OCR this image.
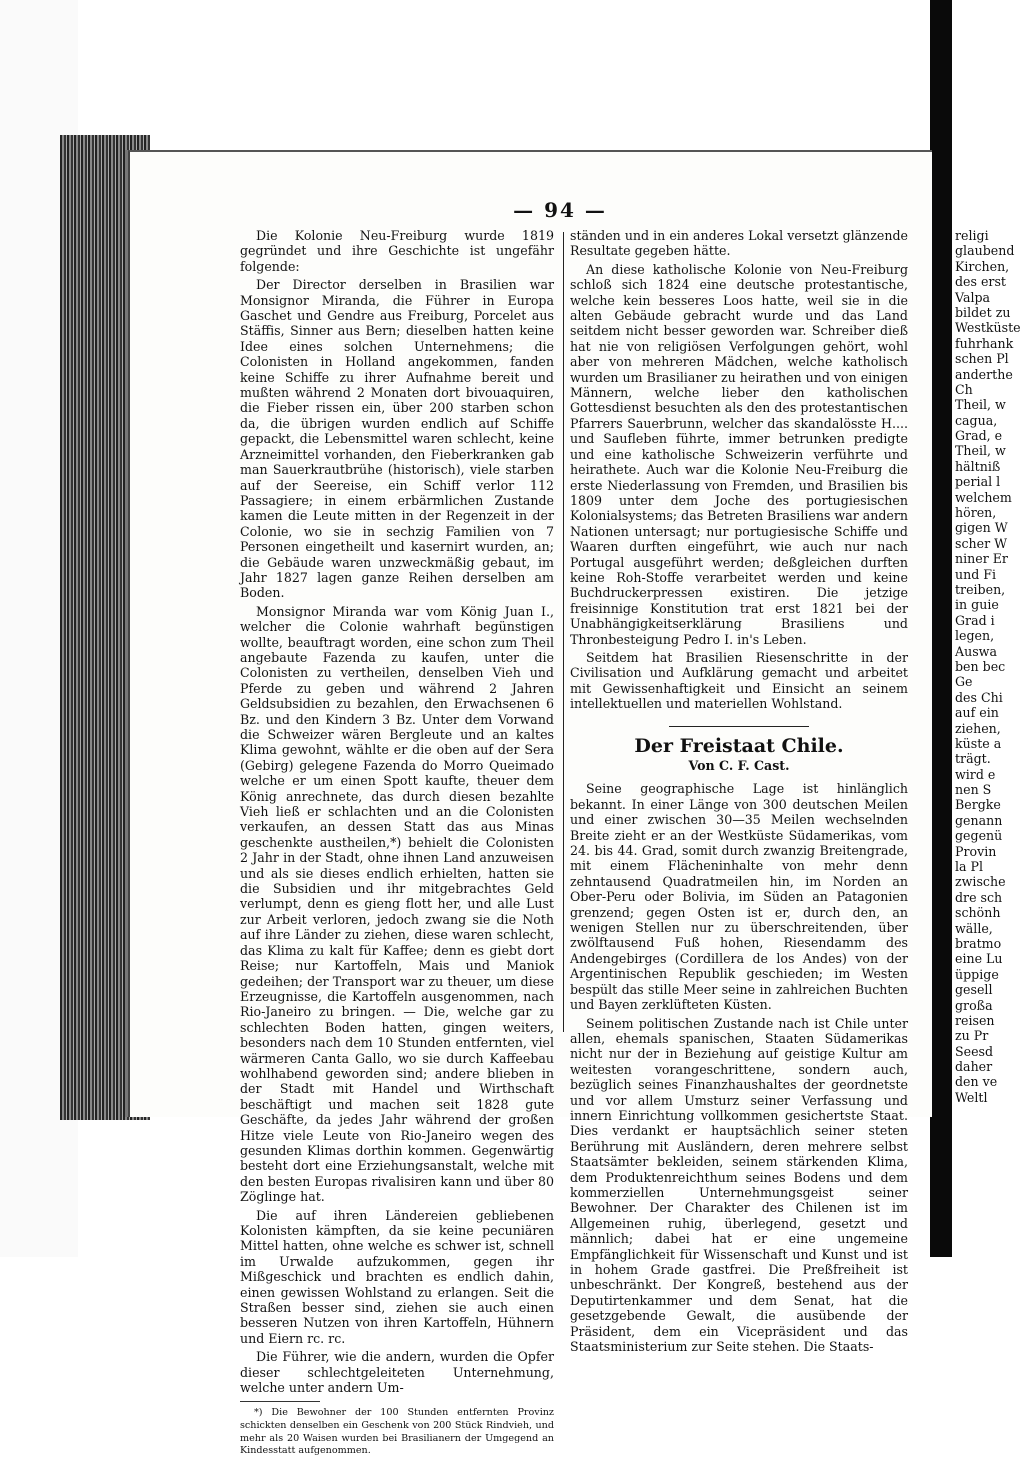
— 94 —

Die Kolonie Neu-Freiburg wurde 1819 gegründet und ihre Geschichte ist ungefähr folgende:

Der Director derselben in Brasilien war Monsignor Miranda, die Führer in Europa Gaschet und Gendre aus Freiburg, Porcelet aus Stäffis, Sinner aus Bern; dieselben hatten keine Idee eines solchen Unternehmens; die Colonisten in Holland angekommen, fanden keine Schiffe zu ihrer Aufnahme bereit und mußten während 2 Monaten dort bivouaquiren, die Fieber rissen ein, über 200 starben schon da, die übrigen wurden endlich auf Schiffe gepackt, die Lebensmittel waren schlecht, keine Arzneimittel vorhanden, den Fieberkranken gab man Sauerkrautbrühe (historisch), viele starben auf der Seereise, ein Schiff verlor 112 Passagiere; in einem erbärmlichen Zustande kamen die Leute mitten in der Regenzeit in der Colonie, wo sie in sechzig Familien von 7 Personen eingetheilt und kasernirt wurden, an; die Gebäude waren unzweckmäßig gebaut, im Jahr 1827 lagen ganze Reihen derselben am Boden.

Monsignor Miranda war vom König Juan I., welcher die Colonie wahrhaft begünstigen wollte, beauftragt worden, eine schon zum Theil angebaute Fazenda zu kaufen, unter die Colonisten zu vertheilen, denselben Vieh und Pferde zu geben und während 2 Jahren Geldsubsidien zu bezahlen, den Erwachsenen 6 Bz. und den Kindern 3 Bz. Unter dem Vorwand die Schweizer wären Bergleute und an kaltes Klima gewohnt, wählte er die oben auf der Sera (Gebirg) gelegene Fazenda do Morro Queimado welche er um einen Spott kaufte, theuer dem König anrechnete, das durch diesen bezahlte Vieh ließ er schlachten und an die Colonisten verkaufen, an dessen Statt das aus Minas geschenkte austheilen,*) behielt die Colonisten 2 Jahr in der Stadt, ohne ihnen Land anzuweisen und als sie dieses endlich erhielten, hatten sie die Subsidien und ihr mitgebrachtes Geld verlumpt, denn es gieng flott her, und alle Lust zur Arbeit verloren, jedoch zwang sie die Noth auf ihre Länder zu ziehen, diese waren schlecht, das Klima zu kalt für Kaffee; denn es giebt dort Reise; nur Kartoffeln, Mais und Maniok gedeihen; der Transport war zu theuer, um diese Erzeugnisse, die Kartoffeln ausgenommen, nach Rio-Janeiro zu bringen. — Die, welche gar zu schlechten Boden hatten, gingen weiters, besonders nach dem 10 Stunden entfernten, viel wärmeren Canta Gallo, wo sie durch Kaffeebau wohlhabend geworden sind; andere blieben in der Stadt mit Handel und Wirthschaft beschäftigt und machen seit 1828 gute Geschäfte, da jedes Jahr während der großen Hitze viele Leute von Rio-Janeiro wegen des gesunden Klimas dorthin kommen. Gegenwärtig besteht dort eine Erziehungsanstalt, welche mit den besten Europas rivalisiren kann und über 80 Zöglinge hat.

Die auf ihren Ländereien gebliebenen Kolonisten kämpften, da sie keine pecuniären Mittel hatten, ohne welche es schwer ist, schnell im Urwalde aufzukommen, gegen ihr Mißgeschick und brachten es endlich dahin, einen gewissen Wohlstand zu erlangen. Seit die Straßen besser sind, ziehen sie auch einen besseren Nutzen von ihren Kartoffeln, Hühnern und Eiern rc. rc.

Die Führer, wie die andern, wurden die Opfer dieser schlechtgeleiteten Unternehmung, welche unter andern Um-

*) Die Bewohner der 100 Stunden entfernten Provinz schickten denselben ein Geschenk von 200 Stück Rindvieh, und mehr als 20 Waisen wurden bei Brasilianern der Umgegend an Kindesstatt aufgenommen.

ständen und in ein anderes Lokal versetzt glänzende Resultate gegeben hätte.

An diese katholische Kolonie von Neu-Freiburg schloß sich 1824 eine deutsche protestantische, welche kein besseres Loos hatte, weil sie in die alten Gebäude gebracht wurde und das Land seitdem nicht besser geworden war. Schreiber dieß hat nie von religiösen Verfolgungen gehört, wohl aber von mehreren Mädchen, welche katholisch wurden um Brasilianer zu heirathen und von einigen Männern, welche lieber den katholischen Gottesdienst besuchten als den des protestantischen Pfarrers Sauerbrunn, welcher das skandalösste H.... und Saufleben führte, immer betrunken predigte und eine katholische Schweizerin verführte und heirathete. Auch war die Kolonie Neu-Freiburg die erste Niederlassung von Fremden, und Brasilien bis 1809 unter dem Joche des portugiesischen Kolonialsystems; das Betreten Brasiliens war andern Nationen untersagt; nur portugiesische Schiffe und Waaren durften eingeführt, wie auch nur nach Portugal ausgeführt werden; deßgleichen durften keine Roh-Stoffe verarbeitet werden und keine Buchdruckerpressen existiren. Die jetzige freisinnige Konstitution trat erst 1821 bei der Unabhängigkeitserklärung Brasiliens und Thronbesteigung Pedro I. in's Leben.

Seitdem hat Brasilien Riesenschritte in der Civilisation und Aufklärung gemacht und arbeitet mit Gewissenhaftigkeit und Einsicht an seinem intellektuellen und materiellen Wohlstand.

Der Freistaat Chile.
Von C. F. Cast.

Seine geographische Lage ist hinlänglich bekannt. In einer Länge von 300 deutschen Meilen und einer zwischen 30—35 Meilen wechselnden Breite zieht er an der Westküste Südamerikas, vom 24. bis 44. Grad, somit durch zwanzig Breitengrade, mit einem Flächeninhalte von mehr denn zehntausend Quadratmeilen hin, im Norden an Ober-Peru oder Bolivia, im Süden an Patagonien grenzend; gegen Osten ist er, durch den, an wenigen Stellen nur zu überschreitenden, über zwölftausend Fuß hohen, Riesendamm des Andengebirges (Cordillera de los Andes) von der Argentinischen Republik geschieden; im Westen bespült das stille Meer seine in zahlreichen Buchten und Bayen zerklüfteten Küsten.

Seinem politischen Zustande nach ist Chile unter allen, ehemals spanischen, Staaten Südamerikas nicht nur der in Beziehung auf geistige Kultur am weitesten vorangeschrittene, sondern auch, bezüglich seines Finanzhaushaltes der geordnetste und vor allem Umsturz seiner Verfassung und innern Einrichtung vollkommen gesichertste Staat. Dies verdankt er hauptsächlich seiner steten Berührung mit Ausländern, deren mehrere selbst Staatsämter bekleiden, seinem stärkenden Klima, dem Produktenreichthum seines Bodens und dem kommerziellen Unternehmungsgeist seiner Bewohner. Der Charakter des Chilenen ist im Allgemeinen ruhig, überlegend, gesetzt und männlich; dabei hat er eine ungemeine Empfänglichkeit für Wissenschaft und Kunst und ist in hohem Grade gastfrei. Die Preßfreiheit ist unbeschränkt. Der Kongreß, bestehend aus der Deputirtenkammer und dem Senat, hat die gesetzgebende Gewalt, die ausübende der Präsident, dem ein Vicepräsident und das Staatsministerium zur Seite stehen. Die Staats-

religi
glaubend
Kirchen,
des erst
Valpa
bildet zu
Westküste
fuhrhank
schen Pl
anderthe
Ch
Theil, w
cagua,
Grad, e
Theil, w
hältniß
perial l
welchem
hören,
gigen W
scher W
niner Er
und Fi
treiben,
in guie
Grad i
legen,
Auswa
ben bec
Ge
des Chi
auf ein
ziehen,
küste a
trägt.
wird e
nen S
Bergke
genann
gegenü
Provin
la Pl
zwische
dre sch
schönh
wälle,
bratmo
eine Lu
üppige
gesell
großa
reisen
zu Pr
Seesd
daher
den ve
Weltl
